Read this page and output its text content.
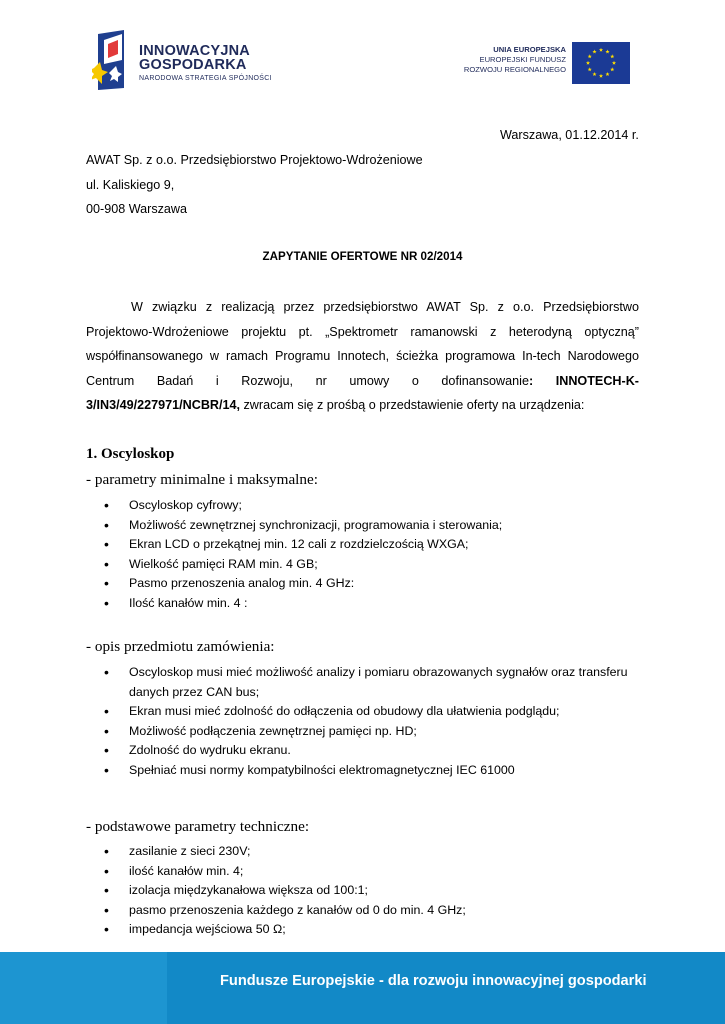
INNOWACYJNA
GOSPODARKA
NARODOWA STRATEGIA SPÓJNOŚCI
UNIA EUROPEJSKA
EUROPEJSKI FUNDUSZ
ROZWOJU REGIONALNEGO
Warszawa, 01.12.2014 r.
AWAT Sp. z o.o. Przedsiębiorstwo Projektowo-Wdrożeniowe
ul. Kaliskiego 9,
00-908 Warszawa
ZAPYTANIE OFERTOWE NR 02/2014
W związku z realizacją przez przedsiębiorstwo AWAT Sp. z o.o. Przedsiębiorstwo Projektowo-Wdrożeniowe projektu pt. „Spektrometr ramanowski z heterodyną optyczną” współfinansowanego w ramach Programu Innotech, ścieżka programowa In-tech Narodowego Centrum Badań i Rozwoju, nr umowy o dofinansowanie: INNOTECH-K-3/IN3/49/227971/NCBR/14, zwracam się z prośbą o przedstawienie oferty na urządzenia:
1. Oscyloskop
- parametry minimalne i maksymalne:
• Oscyloskop cyfrowy;
• Możliwość zewnętrznej synchronizacji, programowania i sterowania;
• Ekran LCD o przekątnej min. 12 cali z rozdzielczością WXGA;
• Wielkość pamięci RAM min. 4 GB;
• Pasmo przenoszenia analog min. 4 GHz:
• Ilość kanałów min. 4 :
- opis przedmiotu zamówienia:
• Oscyloskop musi mieć możliwość analizy i pomiaru obrazowanych sygnałów oraz transferu danych przez CAN bus;
• Ekran musi mieć zdolność do odłączenia od obudowy dla ułatwienia podglądu;
• Możliwość podłączenia zewnętrznej pamięci np. HD;
• Zdolność do wydruku ekranu.
• Spełniać musi normy kompatybilności elektromagnetycznej IEC 61000
- podstawowe parametry techniczne:
• zasilanie z sieci 230V;
• ilość kanałów min. 4;
• izolacja międzykanałowa większa od 100:1;
• pasmo przenoszenia każdego z kanałów od 0 do min. 4 GHz;
• impedancja wejściowa 50 Ω;
Fundusze Europejskie - dla rozwoju innowacyjnej gospodarki
